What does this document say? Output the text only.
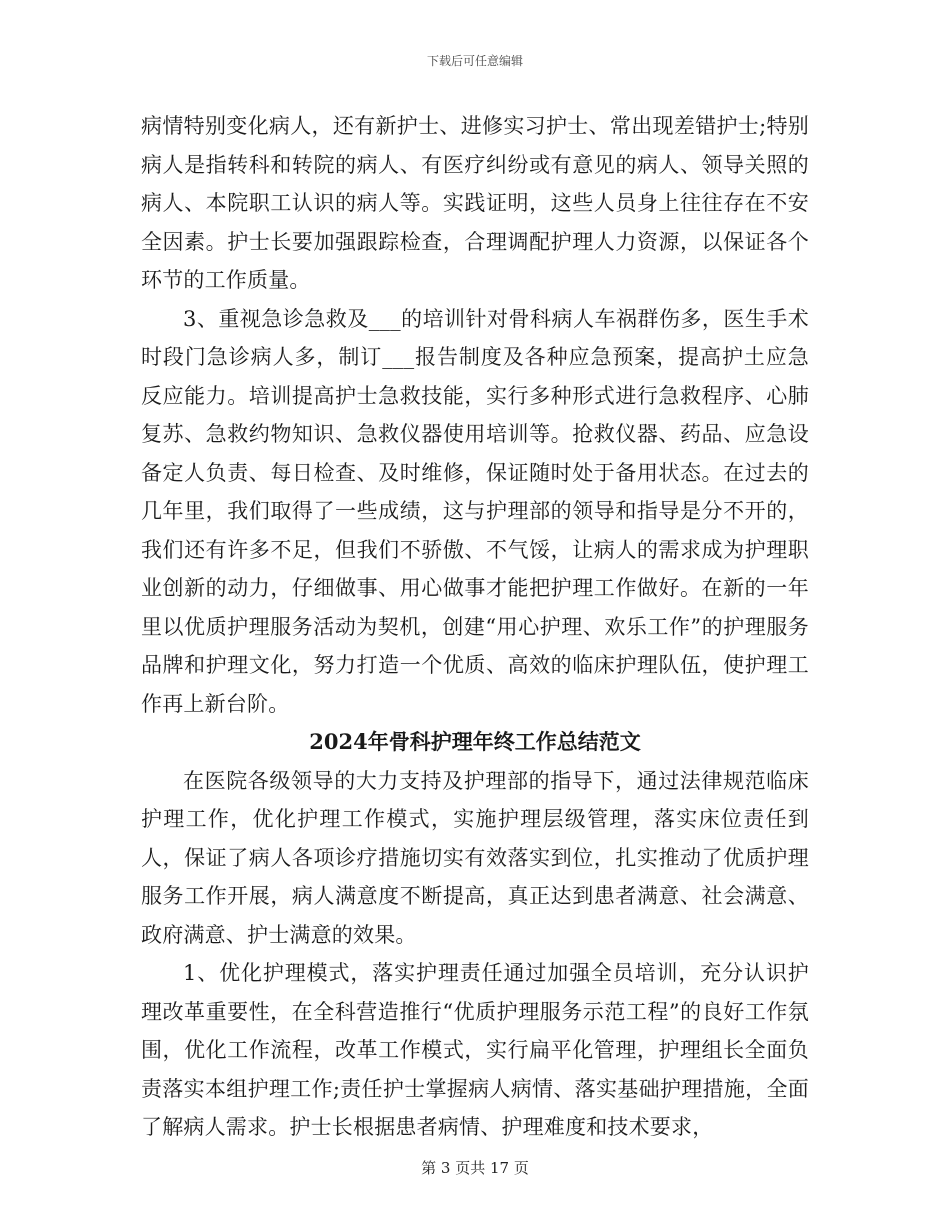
下载后可任意编辑

病情特别变化病人，还有新护士、进修实习护士、常出现差错护士;特别病人是指转科和转院的病人、有医疗纠纷或有意见的病人、领导关照的病人、本院职工认识的病人等。实践证明，这些人员身上往往存在不安全因素。护士长要加强跟踪检查，合理调配护理人力资源，以保证各个环节的工作质量。

3、重视急诊急救及___的培训针对骨科病人车祸群伤多，医生手术时段门急诊病人多，制订___报告制度及各种应急预案，提高护土应急反应能力。培训提高护士急救技能，实行多种形式进行急救程序、心肺复苏、急救约物知识、急救仪器使用培训等。抢救仪器、药品、应急设备定人负责、每日检查、及时维修，保证随时处于备用状态。在过去的几年里，我们取得了一些成绩，这与护理部的领导和指导是分不开的，我们还有许多不足，但我们不骄傲、不气馁，让病人的需求成为护理职业创新的动力，仔细做事、用心做事才能把护理工作做好。在新的一年里以优质护理服务活动为契机，创建“用心护理、欢乐工作”的护理服务品牌和护理文化，努力打造一个优质、高效的临床护理队伍，使护理工作再上新台阶。

2024年骨科护理年终工作总结范文

在医院各级领导的大力支持及护理部的指导下，通过法律规范临床护理工作，优化护理工作模式，实施护理层级管理，落实床位责任到人，保证了病人各项诊疗措施切实有效落实到位，扎实推动了优质护理服务工作开展，病人满意度不断提高，真正达到患者满意、社会满意、政府满意、护士满意的效果。

1、优化护理模式，落实护理责任通过加强全员培训，充分认识护理改革重要性，在全科营造推行“优质护理服务示范工程”的良好工作氛围，优化工作流程，改革工作模式，实行扁平化管理，护理组长全面负责落实本组护理工作;责任护士掌握病人病情、落实基础护理措施，全面了解病人需求。护士长根据患者病情、护理难度和技术要求，

第 3 页共 17 页
